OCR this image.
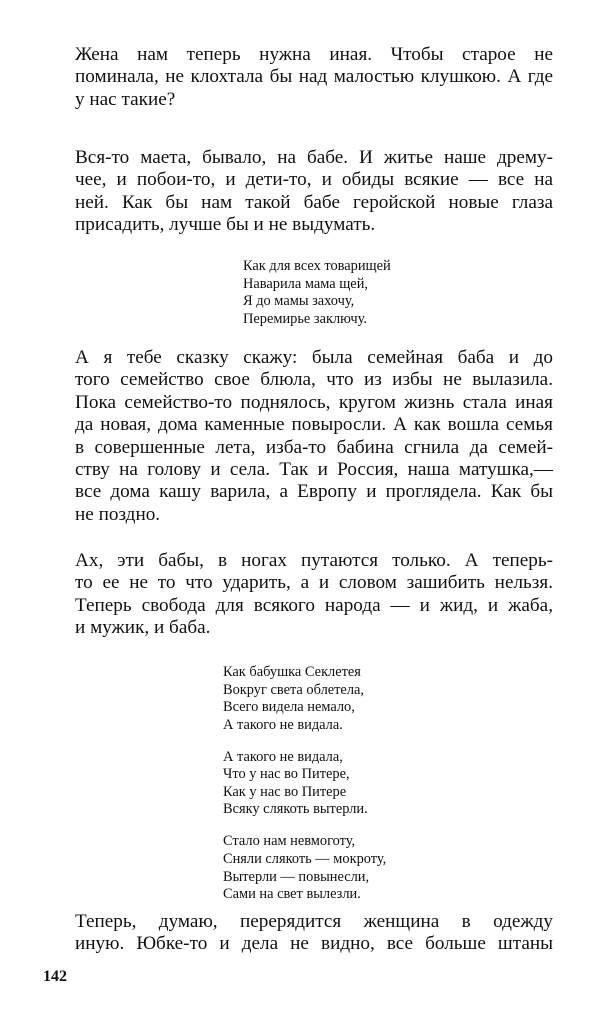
Жена нам теперь нужна иная. Чтобы старое не
поминала, не клохтала бы над малостью клушкою. А где
у нас такие?

Вся-то маета, бывало, на бабе. И житье наше дрему-
чее, и побои-то, и дети-то, и обиды всякие — все на
ней. Как бы нам такой бабе геройской новые глаза
присадить, лучше бы и не выдумать.

Как для всех товарищей
Наварила мама щей,
Я до мамы захочу,
Перемирье заключу.

А я тебе сказку скажу: была семейная баба и до
того семейство свое блюла, что из избы не вылазила.
Пока семейство-то поднялось, кругом жизнь стала иная
да новая, дома каменные повыросли. А как вошла семья
в совершенные лета, изба-то бабина сгнила да семей-
ству на голову и села. Так и Россия, наша матушка,—
все дома кашу варила, а Европу и проглядела. Как бы
не поздно.

Ах, эти бабы, в ногах путаются только. А теперь-
то ее не то что ударить, а и словом зашибить нельзя.
Теперь свобода для всякого народа — и жид, и жаба,
и мужик, и баба.

Как бабушка Секлетея
Вокруг света облетела,
Всего видела немало,
А такого не видала.
А такого не видала,
Что у нас во Питере,
Как у нас во Питере
Всяку слякоть вытерли.
Стало нам невмоготу,
Сняли слякоть — мокроту,
Вытерли — повынесли,
Сами на свет вылезли.

Теперь, думаю, перерядится женщина в одежду
иную. Юбке-то и дела не видно, все больше штаны

142
